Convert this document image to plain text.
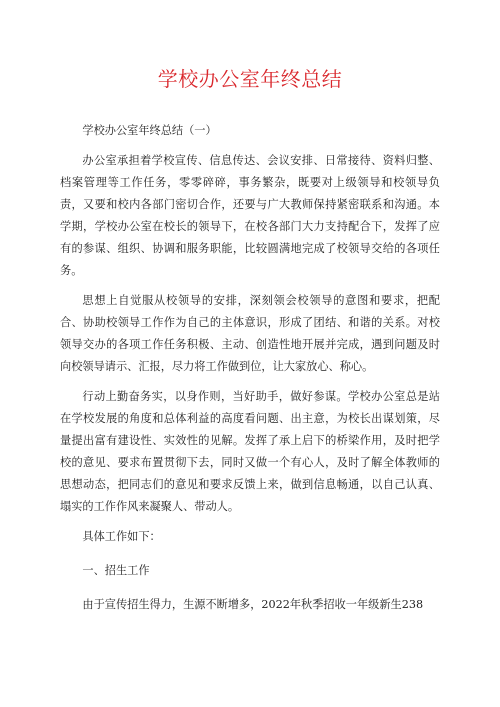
学校办公室年终总结

学校办公室年终总结（一）

办公室承担着学校宣传、信息传达、会议安排、日常接待、资料归整、档案管理等工作任务，零零碎碎，事务繁杂，既要对上级领导和校领导负责，又要和校内各部门密切合作，还要与广大教师保持紧密联系和沟通。本学期，学校办公室在校长的领导下，在校各部门大力支持配合下，发挥了应有的参谋、组织、协调和服务职能，比较圆满地完成了校领导交给的各项任务。

思想上自觉服从校领导的安排，深刻领会校领导的意图和要求，把配合、协助校领导工作作为自己的主体意识，形成了团结、和谐的关系。对校领导交办的各项工作任务积极、主动、创造性地开展并完成，遇到问题及时向校领导请示、汇报，尽力将工作做到位，让大家放心、称心。

行动上勤奋务实，以身作则，当好助手，做好参谋。学校办公室总是站在学校发展的角度和总体利益的高度看问题、出主意，为校长出谋划策，尽量提出富有建设性、实效性的见解。发挥了承上启下的桥梁作用，及时把学校的意见、要求布置贯彻下去，同时又做一个有心人，及时了解全体教师的思想动态，把同志们的意见和要求反馈上来，做到信息畅通，以自己认真、塌实的工作作风来凝聚人、带动人。

具体工作如下：

一、招生工作

由于宣传招生得力，生源不断增多，2022年秋季招收一年级新生238
